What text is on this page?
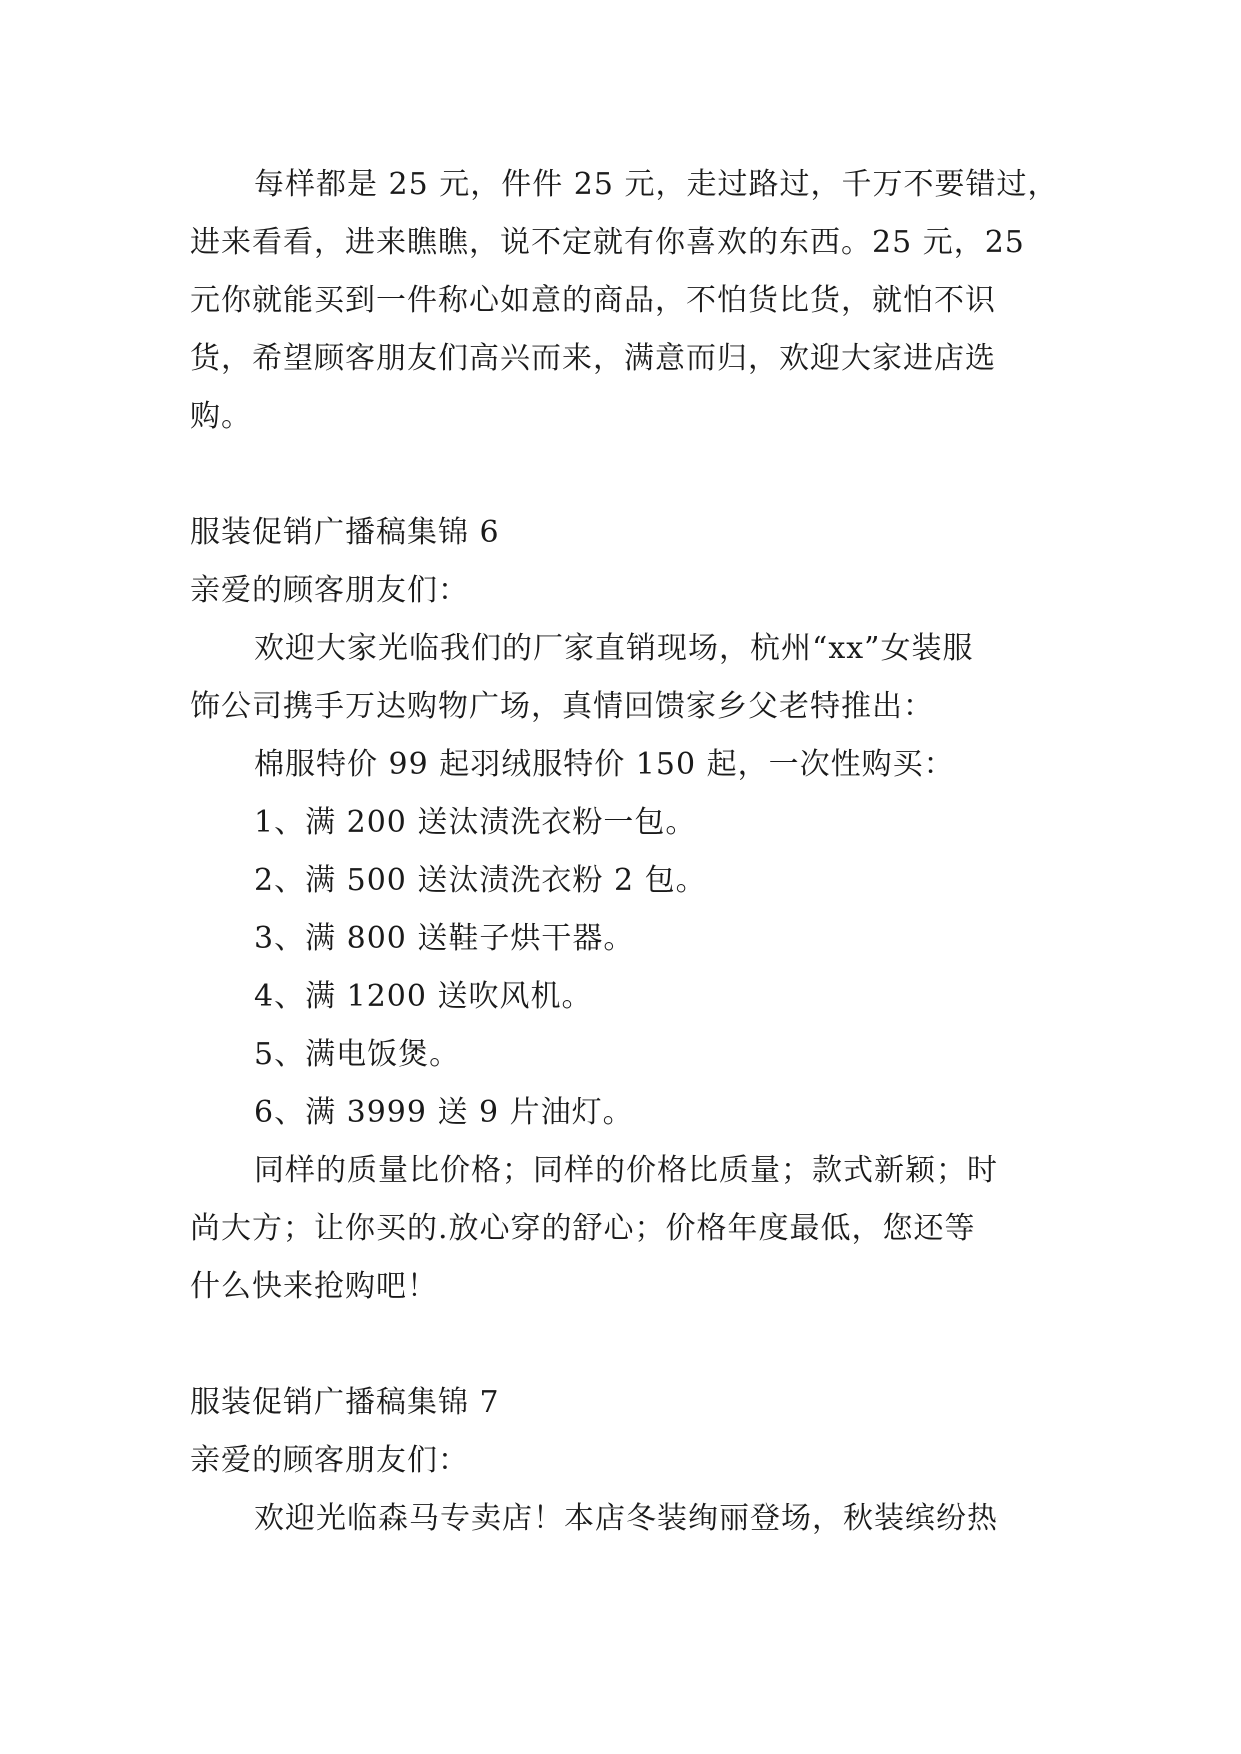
每样都是 25 元，件件 25 元，走过路过，千万不要错过，
进来看看，进来瞧瞧，说不定就有你喜欢的东西。25 元，25
元你就能买到一件称心如意的商品，不怕货比货，就怕不识
货，希望顾客朋友们高兴而来，满意而归，欢迎大家进店选
购。
服装促销广播稿集锦 6
亲爱的顾客朋友们：
欢迎大家光临我们的厂家直销现场，杭州“xx”女装服
饰公司携手万达购物广场，真情回馈家乡父老特推出：
棉服特价 99 起羽绒服特价 150 起，一次性购买：
1、满 200 送汰渍洗衣粉一包。
2、满 500 送汰渍洗衣粉 2 包。
3、满 800 送鞋子烘干器。
4、满 1200 送吹风机。
5、满电饭煲。
6、满 3999 送 9 片油灯。
同样的质量比价格；同样的价格比质量；款式新颖；时
尚大方；让你买的.放心穿的舒心；价格年度最低，您还等
什么快来抢购吧！
服装促销广播稿集锦 7
亲爱的顾客朋友们：
欢迎光临森马专卖店！本店冬装绚丽登场，秋装缤纷热
